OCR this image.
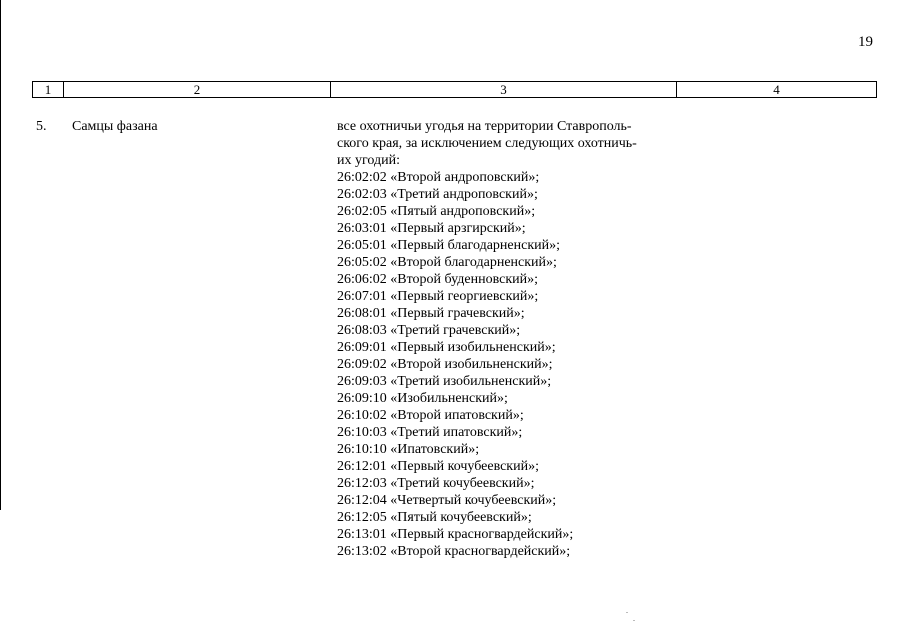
19
1	2	3	4
5. Самцы фазана	все охотничьи угодья на территории Ставрополь-
ского края, за исключением следующих охотничь-
их угодий:
26:02:02 «Второй андроповский»;
26:02:03 «Третий андроповский»;
26:02:05 «Пятый андроповский»;
26:03:01 «Первый арзгирский»;
26:05:01 «Первый благодарненский»;
26:05:02 «Второй благодарненский»;
26:06:02 «Второй буденновский»;
26:07:01 «Первый георгиевский»;
26:08:01 «Первый грачевский»;
26:08:03 «Третий грачевский»;
26:09:01 «Первый изобильненский»;
26:09:02 «Второй изобильненский»;
26:09:03 «Третий изобильненский»;
26:09:10 «Изобильненский»;
26:10:02 «Второй ипатовский»;
26:10:03 «Третий ипатовский»;
26:10:10 «Ипатовский»;
26:12:01 «Первый кочубеевский»;
26:12:03 «Третий кочубеевский»;
26:12:04 «Четвертый кочубеевский»;
26:12:05 «Пятый кочубеевский»;
26:13:01 «Первый красногвардейский»;
26:13:02 «Второй красногвардейский»;
